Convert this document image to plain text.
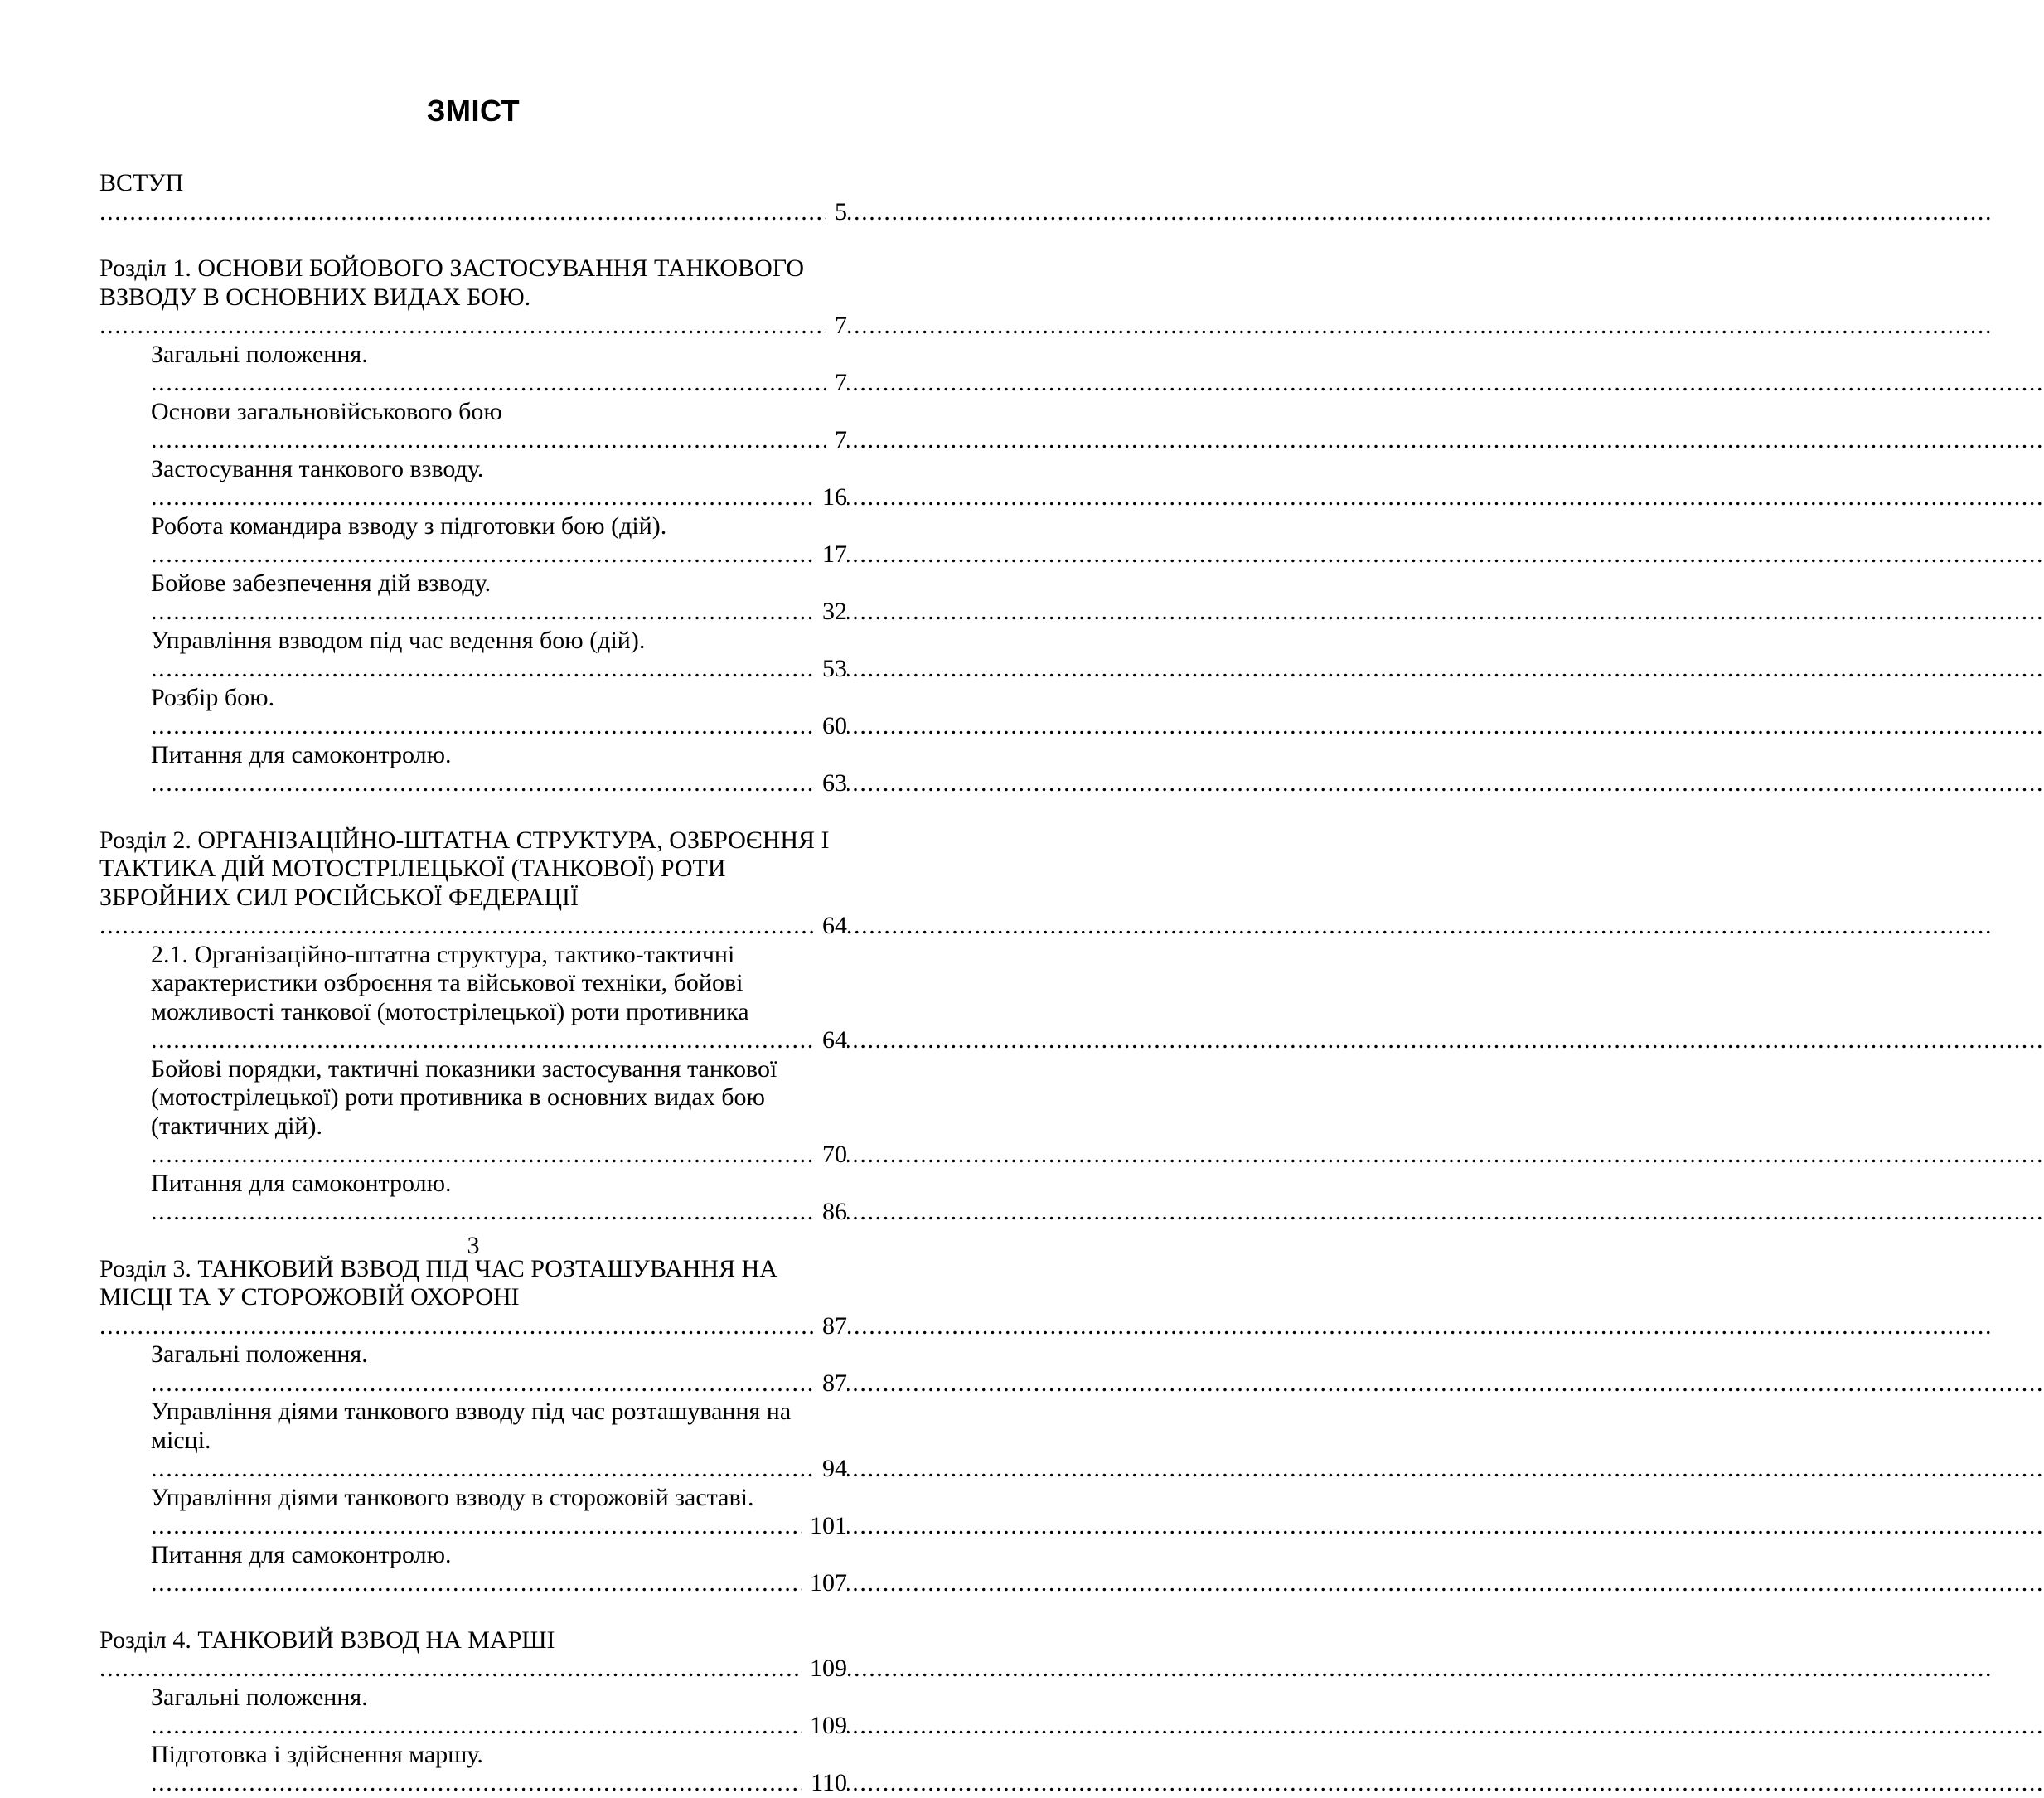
ЗМІСТ
ВСТУП .....
5
Розділ 1. ОСНОВИ БОЙОВОГО ЗАСТОСУВАННЯ ТАНКОВОГО ВЗВОДУ В ОСНОВНИХ ВИДАХ БОЮ. .....
7
Загальні положення. .....
7
Основи загальновійськового бою .....
7
Застосування танкового взводу. .....
16
Робота командира взводу з підготовки бою (дій). .....
17
Бойове забезпечення дій взводу. .....
32
Управління взводом під час ведення бою (дій). .....
53
Розбір бою. .....
60
Питання для самоконтролю. .....
63
Розділ 2. ОРГАНІЗАЦІЙНО-ШТАТНА СТРУКТУРА, ОЗБРОЄННЯ І ТАКТИКА ДІЙ МОТОСТРІЛЕЦЬКОЇ (ТАНКОВОЇ) РОТИ ЗБРОЙНИХ СИЛ РОСІЙСЬКОЇ ФЕДЕРАЦІЇ .....
64
2.1. Організаційно-штатна структура, тактико-тактичні характеристики озброєння та військової техніки, бойові можливості танкової (мотострілецької) роти противника .....
64
Бойові порядки, тактичні показники застосування танкової (мотострілецької) роти противника в основних видах бою (тактичних дій). .....
70
Питання для самоконтролю. .....
86
Розділ 3. ТАНКОВИЙ ВЗВОД ПІД ЧАС РОЗТАШУВАННЯ НА МІСЦІ ТА У СТОРОЖОВІЙ ОХОРОНІ .....
87
Загальні положення. .....
87
Управління діями танкового взводу під час розташування на місці. .....
94
Управління діями танкового взводу в сторожовій заставі. .....
101
Питання для самоконтролю. .....
107
Розділ 4. ТАНКОВИЙ ВЗВОД НА МАРШІ .....
109
Загальні положення. .....
109
Підготовка і здійснення маршу. .....
110
3
